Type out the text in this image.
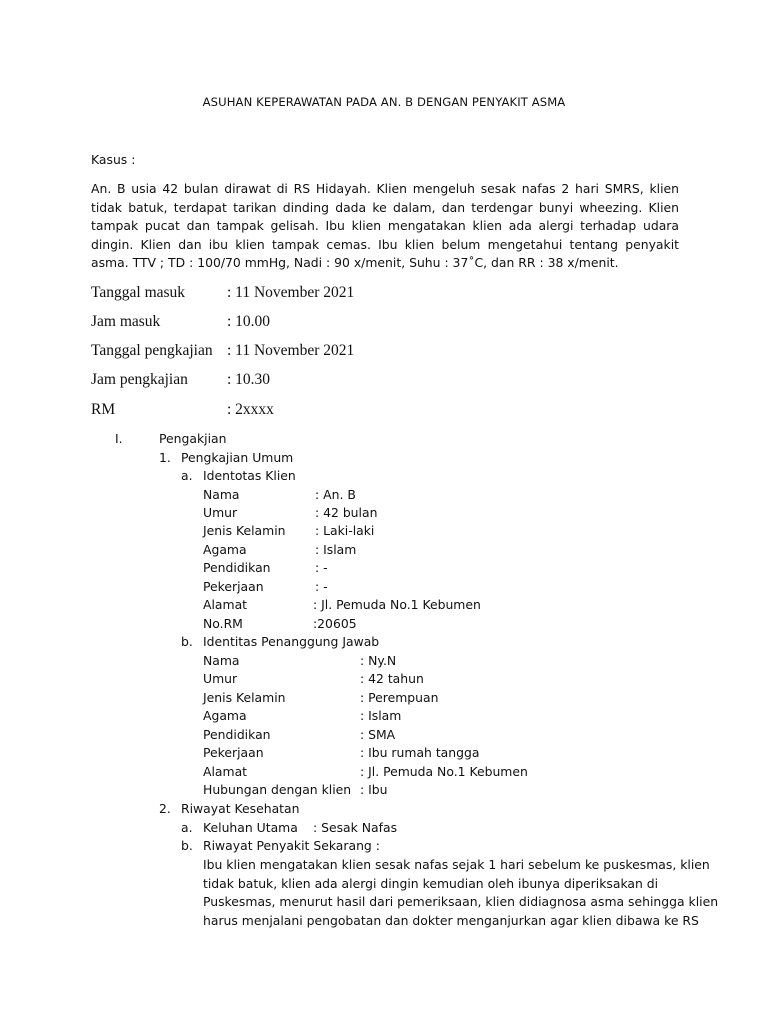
ASUHAN KEPERAWATAN PADA AN. B DENGAN PENYAKIT ASMA
Kasus :
An. B usia 42 bulan dirawat di RS Hidayah. Klien mengeluh sesak nafas 2 hari SMRS, klien tidak batuk, terdapat tarikan dinding dada ke dalam, dan terdengar bunyi wheezing. Klien tampak pucat dan tampak gelisah. Ibu klien mengatakan klien ada alergi terhadap udara dingin. Klien dan ibu klien tampak cemas. Ibu klien belum mengetahui tentang penyakit asma. TTV ; TD : 100/70 mmHg, Nadi : 90 x/menit, Suhu : 37˚C, dan RR : 38 x/menit.
Tanggal masuk	: 11 November 2021
Jam masuk	: 10.00
Tanggal pengkajian : 11 November 2021
Jam pengkajian	: 10.30
RM	: 2xxxx
I.	Pengakjian
1. Pengkajian Umum
a. Identotas Klien
Nama	: An. B
Umur	: 42 bulan
Jenis Kelamin : Laki-laki
Agama	: Islam
Pendidikan	: -
Pekerjaan	: -
Alamat	: Jl. Pemuda No.1 Kebumen
No.RM	:20605
b. Identitas Penanggung Jawab
Nama	: Ny.N
Umur	: 42 tahun
Jenis Kelamin	: Perempuan
Agama	: Islam
Pendidikan	: SMA
Pekerjaan	: Ibu rumah tangga
Alamat	: Jl. Pemuda No.1 Kebumen
Hubungan dengan klien : Ibu
2. Riwayat Kesehatan
a. Keluhan Utama : Sesak Nafas
b. Riwayat Penyakit Sekarang :
Ibu klien mengatakan klien sesak nafas sejak 1 hari sebelum ke puskesmas, klien
tidak batuk, klien ada alergi dingin kemudian oleh ibunya diperiksakan di
Puskesmas, menurut hasil dari pemeriksaan, klien didiagnosa asma sehingga klien
harus menjalani pengobatan dan dokter menganjurkan agar klien dibawa ke RS
